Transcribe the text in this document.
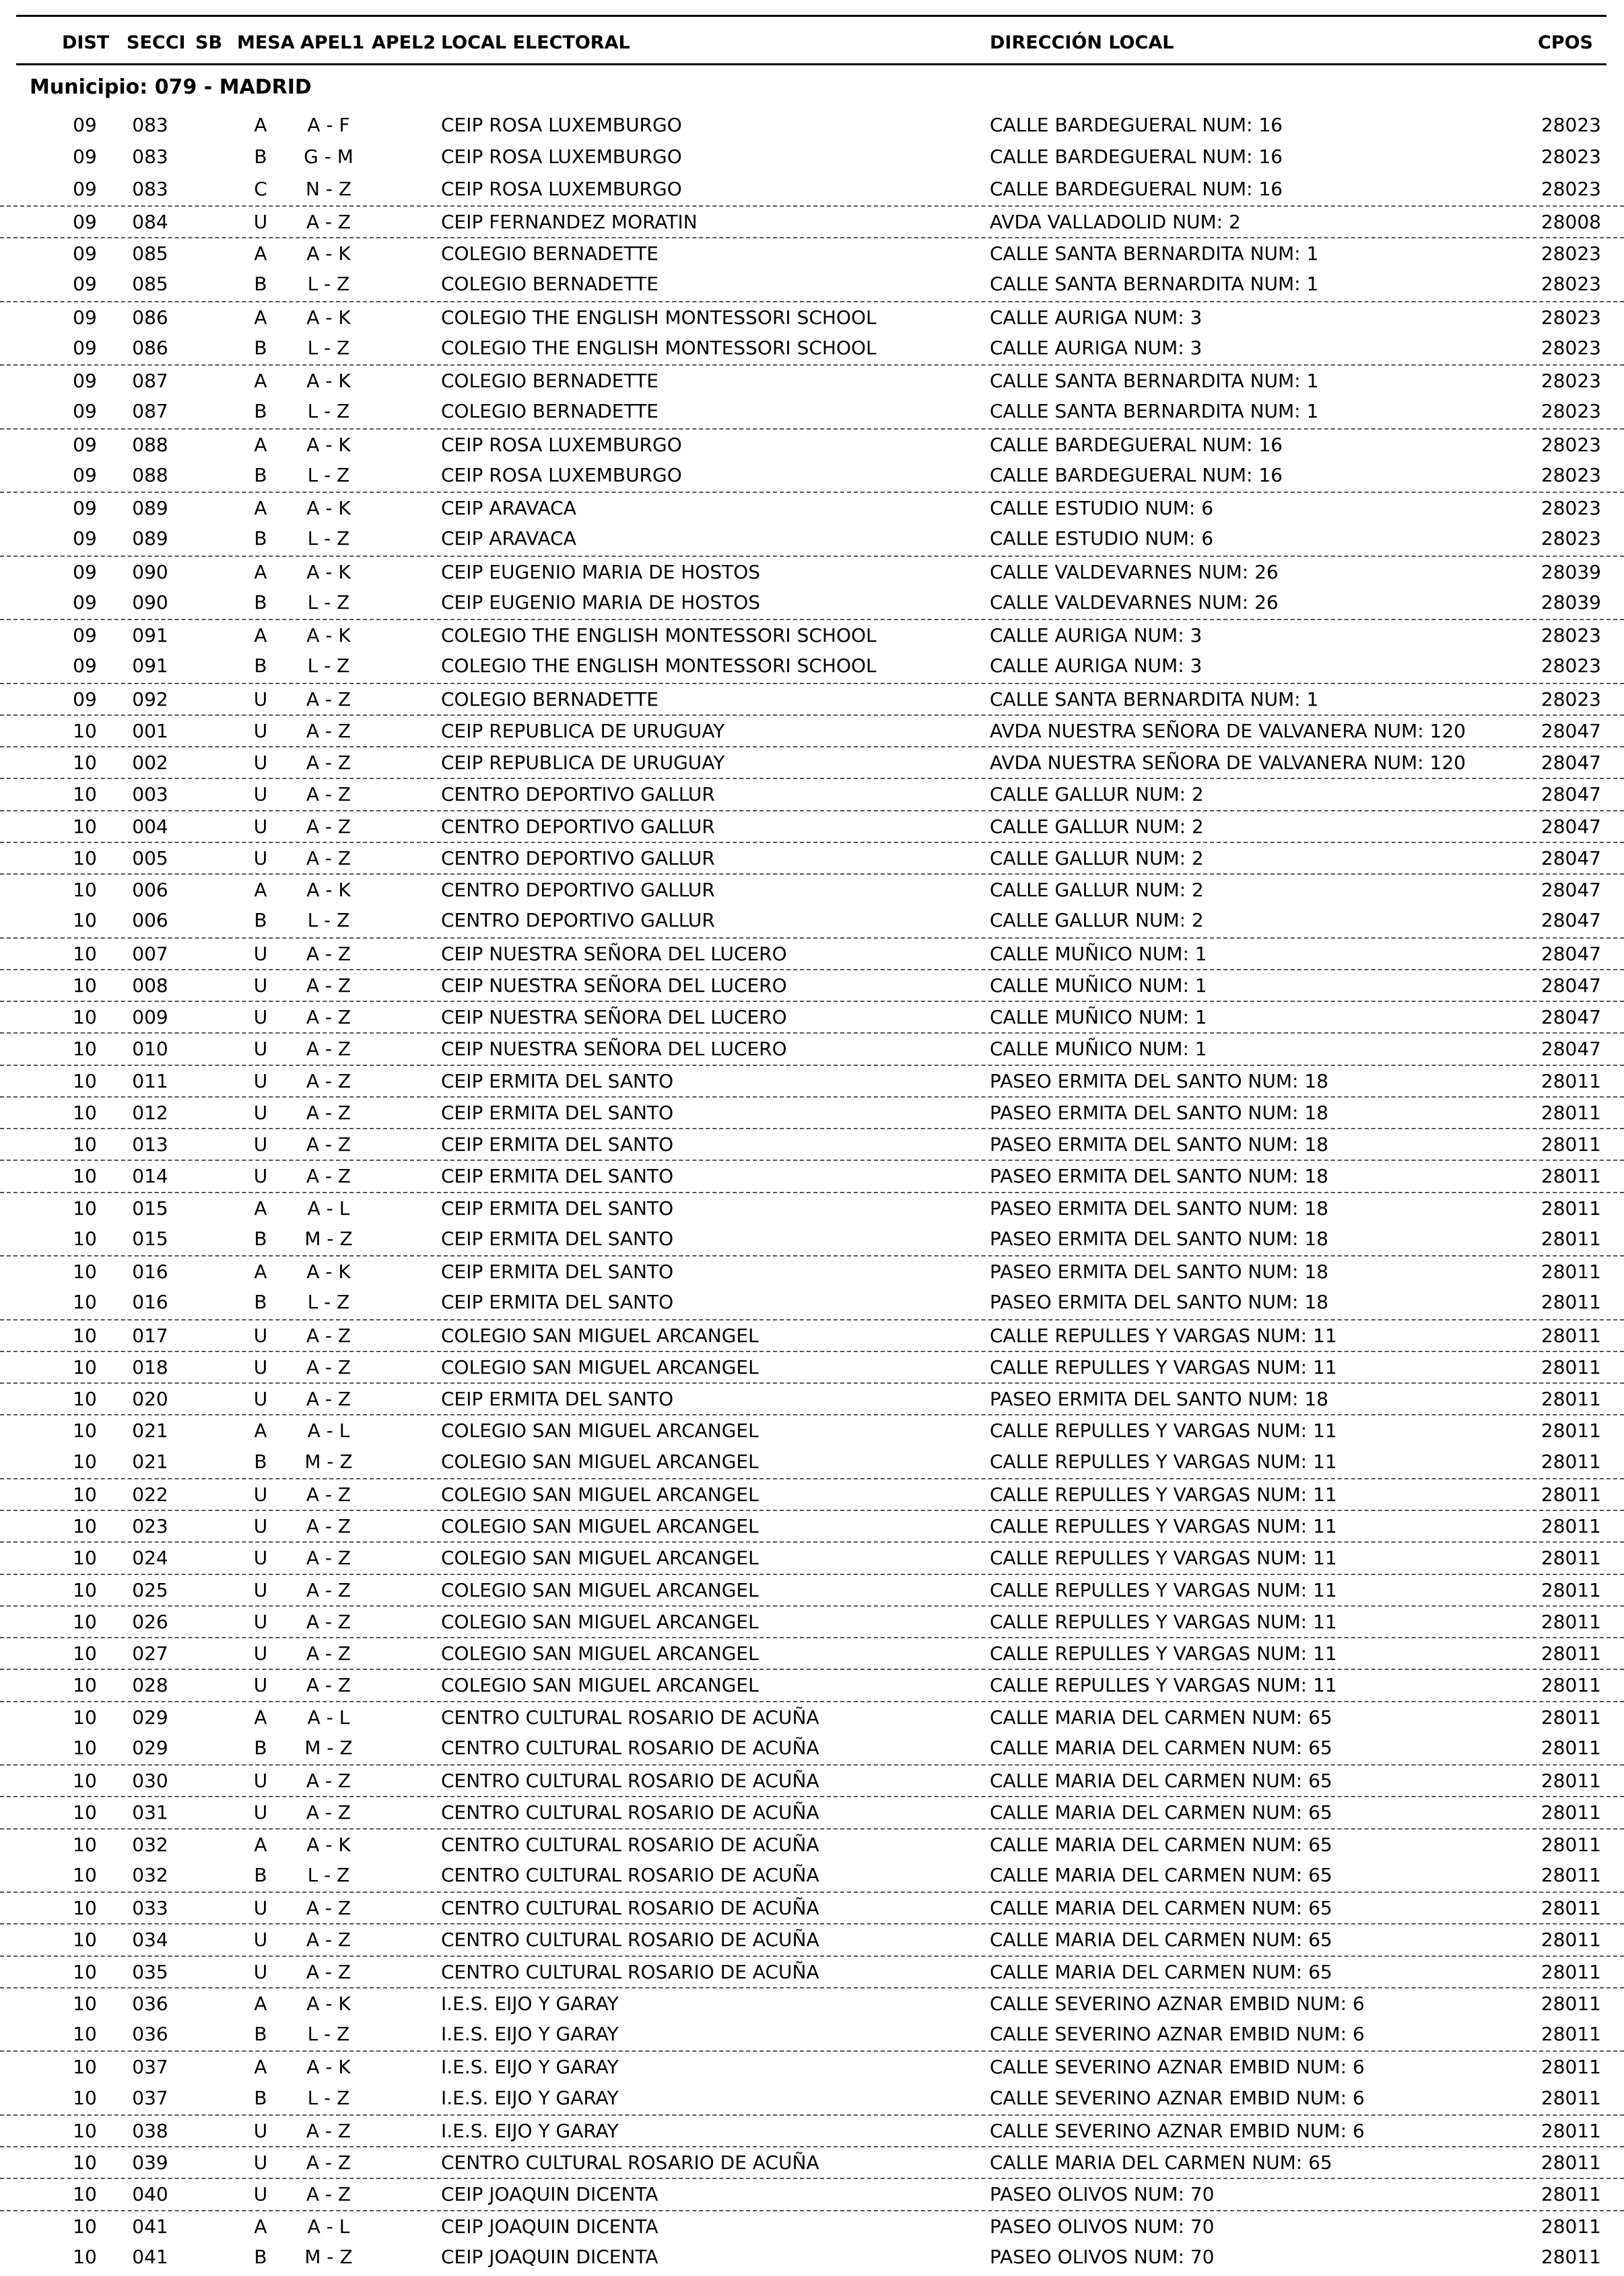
DIST SECCI SB MESA APEL1 APEL2 LOCAL ELECTORAL	DIRECCIÓN LOCAL	CPOS
Municipio: 079 - MADRID
09	083	A	A - F	CEIP ROSA LUXEMBURGO	CALLE BARDEGUERAL NUM: 16	28023
09	083	B	G - M	CEIP ROSA LUXEMBURGO	CALLE BARDEGUERAL NUM: 16	28023
09	083	C	N - Z	CEIP ROSA LUXEMBURGO	CALLE BARDEGUERAL NUM: 16	28023
09	084	U	A - Z	CEIP FERNANDEZ MORATIN	AVDA VALLADOLID NUM: 2	28008
09	085	A	A - K	COLEGIO BERNADETTE	CALLE SANTA BERNARDITA NUM: 1	28023
09	085	B	L - Z	COLEGIO BERNADETTE	CALLE SANTA BERNARDITA NUM: 1	28023
09	086	A	A - K	COLEGIO THE ENGLISH MONTESSORI SCHOOL	CALLE AURIGA NUM: 3	28023
09	086	B	L - Z	COLEGIO THE ENGLISH MONTESSORI SCHOOL	CALLE AURIGA NUM: 3	28023
09	087	A	A - K	COLEGIO BERNADETTE	CALLE SANTA BERNARDITA NUM: 1	28023
09	087	B	L - Z	COLEGIO BERNADETTE	CALLE SANTA BERNARDITA NUM: 1	28023
09	088	A	A - K	CEIP ROSA LUXEMBURGO	CALLE BARDEGUERAL NUM: 16	28023
09	088	B	L - Z	CEIP ROSA LUXEMBURGO	CALLE BARDEGUERAL NUM: 16	28023
09	089	A	A - K	CEIP ARAVACA	CALLE ESTUDIO NUM: 6	28023
09	089	B	L - Z	CEIP ARAVACA	CALLE ESTUDIO NUM: 6	28023
09	090	A	A - K	CEIP EUGENIO MARIA DE HOSTOS	CALLE VALDEVARNES NUM: 26	28039
09	090	B	L - Z	CEIP EUGENIO MARIA DE HOSTOS	CALLE VALDEVARNES NUM: 26	28039
09	091	A	A - K	COLEGIO THE ENGLISH MONTESSORI SCHOOL	CALLE AURIGA NUM: 3	28023
09	091	B	L - Z	COLEGIO THE ENGLISH MONTESSORI SCHOOL	CALLE AURIGA NUM: 3	28023
09	092	U	A - Z	COLEGIO BERNADETTE	CALLE SANTA BERNARDITA NUM: 1	28023
10	001	U	A - Z	CEIP REPUBLICA DE URUGUAY	AVDA NUESTRA SEÑORA DE VALVANERA NUM: 120	28047
10	002	U	A - Z	CEIP REPUBLICA DE URUGUAY	AVDA NUESTRA SEÑORA DE VALVANERA NUM: 120	28047
10	003	U	A - Z	CENTRO DEPORTIVO GALLUR	CALLE GALLUR NUM: 2	28047
10	004	U	A - Z	CENTRO DEPORTIVO GALLUR	CALLE GALLUR NUM: 2	28047
10	005	U	A - Z	CENTRO DEPORTIVO GALLUR	CALLE GALLUR NUM: 2	28047
10	006	A	A - K	CENTRO DEPORTIVO GALLUR	CALLE GALLUR NUM: 2	28047
10	006	B	L - Z	CENTRO DEPORTIVO GALLUR	CALLE GALLUR NUM: 2	28047
10	007	U	A - Z	CEIP NUESTRA SEÑORA DEL LUCERO	CALLE MUÑICO NUM: 1	28047
10	008	U	A - Z	CEIP NUESTRA SEÑORA DEL LUCERO	CALLE MUÑICO NUM: 1	28047
10	009	U	A - Z	CEIP NUESTRA SEÑORA DEL LUCERO	CALLE MUÑICO NUM: 1	28047
10	010	U	A - Z	CEIP NUESTRA SEÑORA DEL LUCERO	CALLE MUÑICO NUM: 1	28047
10	011	U	A - Z	CEIP ERMITA DEL SANTO	PASEO ERMITA DEL SANTO NUM: 18	28011
10	012	U	A - Z	CEIP ERMITA DEL SANTO	PASEO ERMITA DEL SANTO NUM: 18	28011
10	013	U	A - Z	CEIP ERMITA DEL SANTO	PASEO ERMITA DEL SANTO NUM: 18	28011
10	014	U	A - Z	CEIP ERMITA DEL SANTO	PASEO ERMITA DEL SANTO NUM: 18	28011
10	015	A	A - L	CEIP ERMITA DEL SANTO	PASEO ERMITA DEL SANTO NUM: 18	28011
10	015	B	M - Z	CEIP ERMITA DEL SANTO	PASEO ERMITA DEL SANTO NUM: 18	28011
10	016	A	A - K	CEIP ERMITA DEL SANTO	PASEO ERMITA DEL SANTO NUM: 18	28011
10	016	B	L - Z	CEIP ERMITA DEL SANTO	PASEO ERMITA DEL SANTO NUM: 18	28011
10	017	U	A - Z	COLEGIO SAN MIGUEL ARCANGEL	CALLE REPULLES Y VARGAS NUM: 11	28011
10	018	U	A - Z	COLEGIO SAN MIGUEL ARCANGEL	CALLE REPULLES Y VARGAS NUM: 11	28011
10	020	U	A - Z	CEIP ERMITA DEL SANTO	PASEO ERMITA DEL SANTO NUM: 18	28011
10	021	A	A - L	COLEGIO SAN MIGUEL ARCANGEL	CALLE REPULLES Y VARGAS NUM: 11	28011
10	021	B	M - Z	COLEGIO SAN MIGUEL ARCANGEL	CALLE REPULLES Y VARGAS NUM: 11	28011
10	022	U	A - Z	COLEGIO SAN MIGUEL ARCANGEL	CALLE REPULLES Y VARGAS NUM: 11	28011
10	023	U	A - Z	COLEGIO SAN MIGUEL ARCANGEL	CALLE REPULLES Y VARGAS NUM: 11	28011
10	024	U	A - Z	COLEGIO SAN MIGUEL ARCANGEL	CALLE REPULLES Y VARGAS NUM: 11	28011
10	025	U	A - Z	COLEGIO SAN MIGUEL ARCANGEL	CALLE REPULLES Y VARGAS NUM: 11	28011
10	026	U	A - Z	COLEGIO SAN MIGUEL ARCANGEL	CALLE REPULLES Y VARGAS NUM: 11	28011
10	027	U	A - Z	COLEGIO SAN MIGUEL ARCANGEL	CALLE REPULLES Y VARGAS NUM: 11	28011
10	028	U	A - Z	COLEGIO SAN MIGUEL ARCANGEL	CALLE REPULLES Y VARGAS NUM: 11	28011
10	029	A	A - L	CENTRO CULTURAL ROSARIO DE ACUÑA	CALLE MARIA DEL CARMEN NUM: 65	28011
10	029	B	M - Z	CENTRO CULTURAL ROSARIO DE ACUÑA	CALLE MARIA DEL CARMEN NUM: 65	28011
10	030	U	A - Z	CENTRO CULTURAL ROSARIO DE ACUÑA	CALLE MARIA DEL CARMEN NUM: 65	28011
10	031	U	A - Z	CENTRO CULTURAL ROSARIO DE ACUÑA	CALLE MARIA DEL CARMEN NUM: 65	28011
10	032	A	A - K	CENTRO CULTURAL ROSARIO DE ACUÑA	CALLE MARIA DEL CARMEN NUM: 65	28011
10	032	B	L - Z	CENTRO CULTURAL ROSARIO DE ACUÑA	CALLE MARIA DEL CARMEN NUM: 65	28011
10	033	U	A - Z	CENTRO CULTURAL ROSARIO DE ACUÑA	CALLE MARIA DEL CARMEN NUM: 65	28011
10	034	U	A - Z	CENTRO CULTURAL ROSARIO DE ACUÑA	CALLE MARIA DEL CARMEN NUM: 65	28011
10	035	U	A - Z	CENTRO CULTURAL ROSARIO DE ACUÑA	CALLE MARIA DEL CARMEN NUM: 65	28011
10	036	A	A - K	I.E.S. EIJO Y GARAY	CALLE SEVERINO AZNAR EMBID NUM: 6	28011
10	036	B	L - Z	I.E.S. EIJO Y GARAY	CALLE SEVERINO AZNAR EMBID NUM: 6	28011
10	037	A	A - K	I.E.S. EIJO Y GARAY	CALLE SEVERINO AZNAR EMBID NUM: 6	28011
10	037	B	L - Z	I.E.S. EIJO Y GARAY	CALLE SEVERINO AZNAR EMBID NUM: 6	28011
10	038	U	A - Z	I.E.S. EIJO Y GARAY	CALLE SEVERINO AZNAR EMBID NUM: 6	28011
10	039	U	A - Z	CENTRO CULTURAL ROSARIO DE ACUÑA	CALLE MARIA DEL CARMEN NUM: 65	28011
10	040	U	A - Z	CEIP JOAQUIN DICENTA	PASEO OLIVOS NUM: 70	28011
10	041	A	A - L	CEIP JOAQUIN DICENTA	PASEO OLIVOS NUM: 70	28011
10	041	B	M - Z	CEIP JOAQUIN DICENTA	PASEO OLIVOS NUM: 70	28011
